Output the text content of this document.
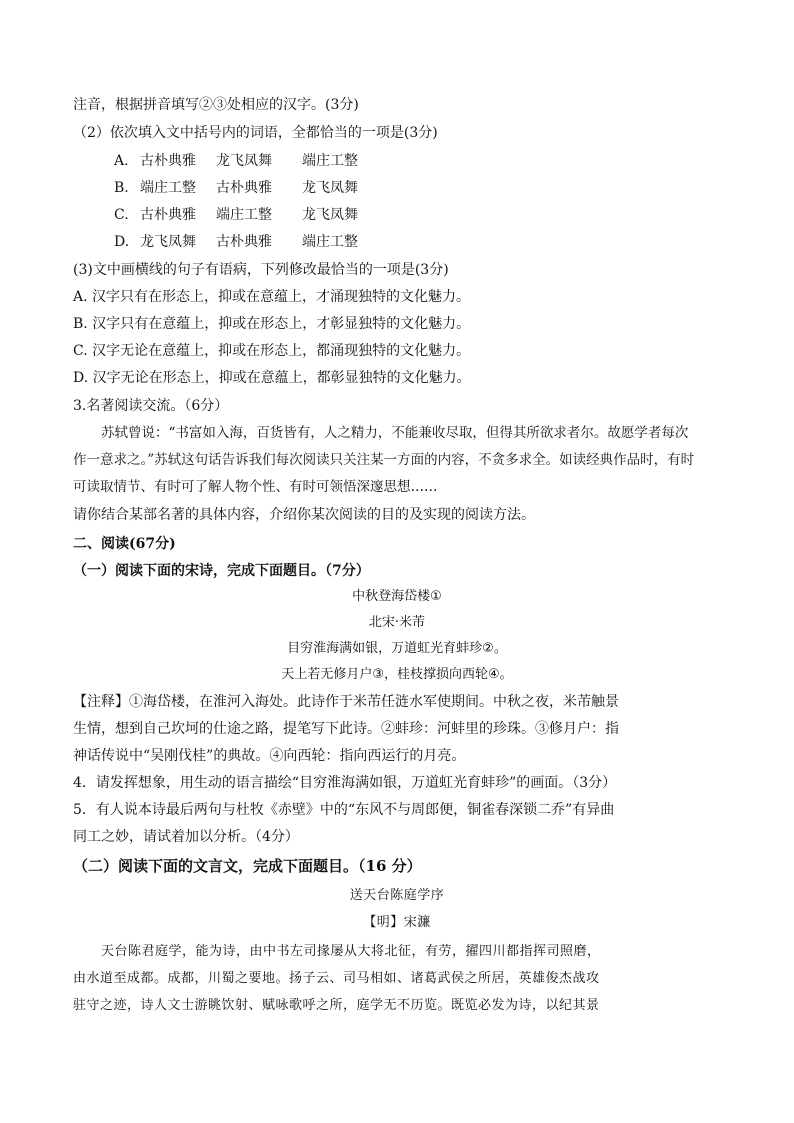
注音，根据拼音填写②③处相应的汉字。(3分)
（2）依次填入文中括号内的词语，全都恰当的一项是(3分)
A. 古朴典雅 龙飞凤舞 端庄工整
B. 端庄工整 古朴典雅 龙飞凤舞
C. 古朴典雅 端庄工整 龙飞凤舞
D. 龙飞凤舞 古朴典雅 端庄工整
(3)文中画横线的句子有语病，下列修改最恰当的一项是(3分)
A. 汉字只有在形态上，抑或在意蕴上，才涌现独特的文化魅力。
B. 汉字只有在意蕴上，抑或在形态上，才彰显独特的文化魅力。
C. 汉字无论在意蕴上，抑或在形态上，都涌现独特的文化魅力。
D. 汉字无论在形态上，抑或在意蕴上，都彰显独特的文化魅力。
3.名著阅读交流。（6分）
苏轼曾说：“书富如入海，百货皆有，人之精力，不能兼收尽取，但得其所欲求者尔。故愿学者每次
作一意求之。”苏轼这句话告诉我们每次阅读只关注某一方面的内容，不贪多求全。如读经典作品时，有时
可读取情节、有时可了解人物个性、有时可领悟深邃思想……
请你结合某部名著的具体内容，介绍你某次阅读的目的及实现的阅读方法。
二、阅读(67分)
（一）阅读下面的宋诗，完成下面题目。（7分）
中秋登海岱楼①
北宋·米芾
目穷淮海满如银，万道虹光育蚌珍②。
天上若无修月户③，桂枝撑损向西轮④。
【注释】①海岱楼，在淮河入海处。此诗作于米芾任涟水军使期间。中秋之夜，米芾触景
生情，想到自己坎坷的仕途之路，提笔写下此诗。②蚌珍：河蚌里的珍珠。③修月户：指
神话传说中“吴刚伐桂”的典故。④向西轮：指向西运行的月亮。
4．请发挥想象，用生动的语言描绘“目穷淮海满如银，万道虹光育蚌珍”的画面。（3分）
5．有人说本诗最后两句与杜牧《赤壁》中的“东风不与周郎便，铜雀春深锁二乔”有异曲
同工之妙，请试着加以分析。（4分）
（二）阅读下面的文言文，完成下面题目。（16 分）
送天台陈庭学序
【明】宋濂
天台陈君庭学，能为诗，由中书左司掾屡从大将北征，有劳，擢四川都指挥司照磨，
由水道至成都。成都，川蜀之要地。扬子云、司马相如、诸葛武侯之所居，英雄俊杰战攻
驻守之迹，诗人文士游眺饮射、赋咏歌呼之所，庭学无不历览。既览必发为诗，以纪其景
